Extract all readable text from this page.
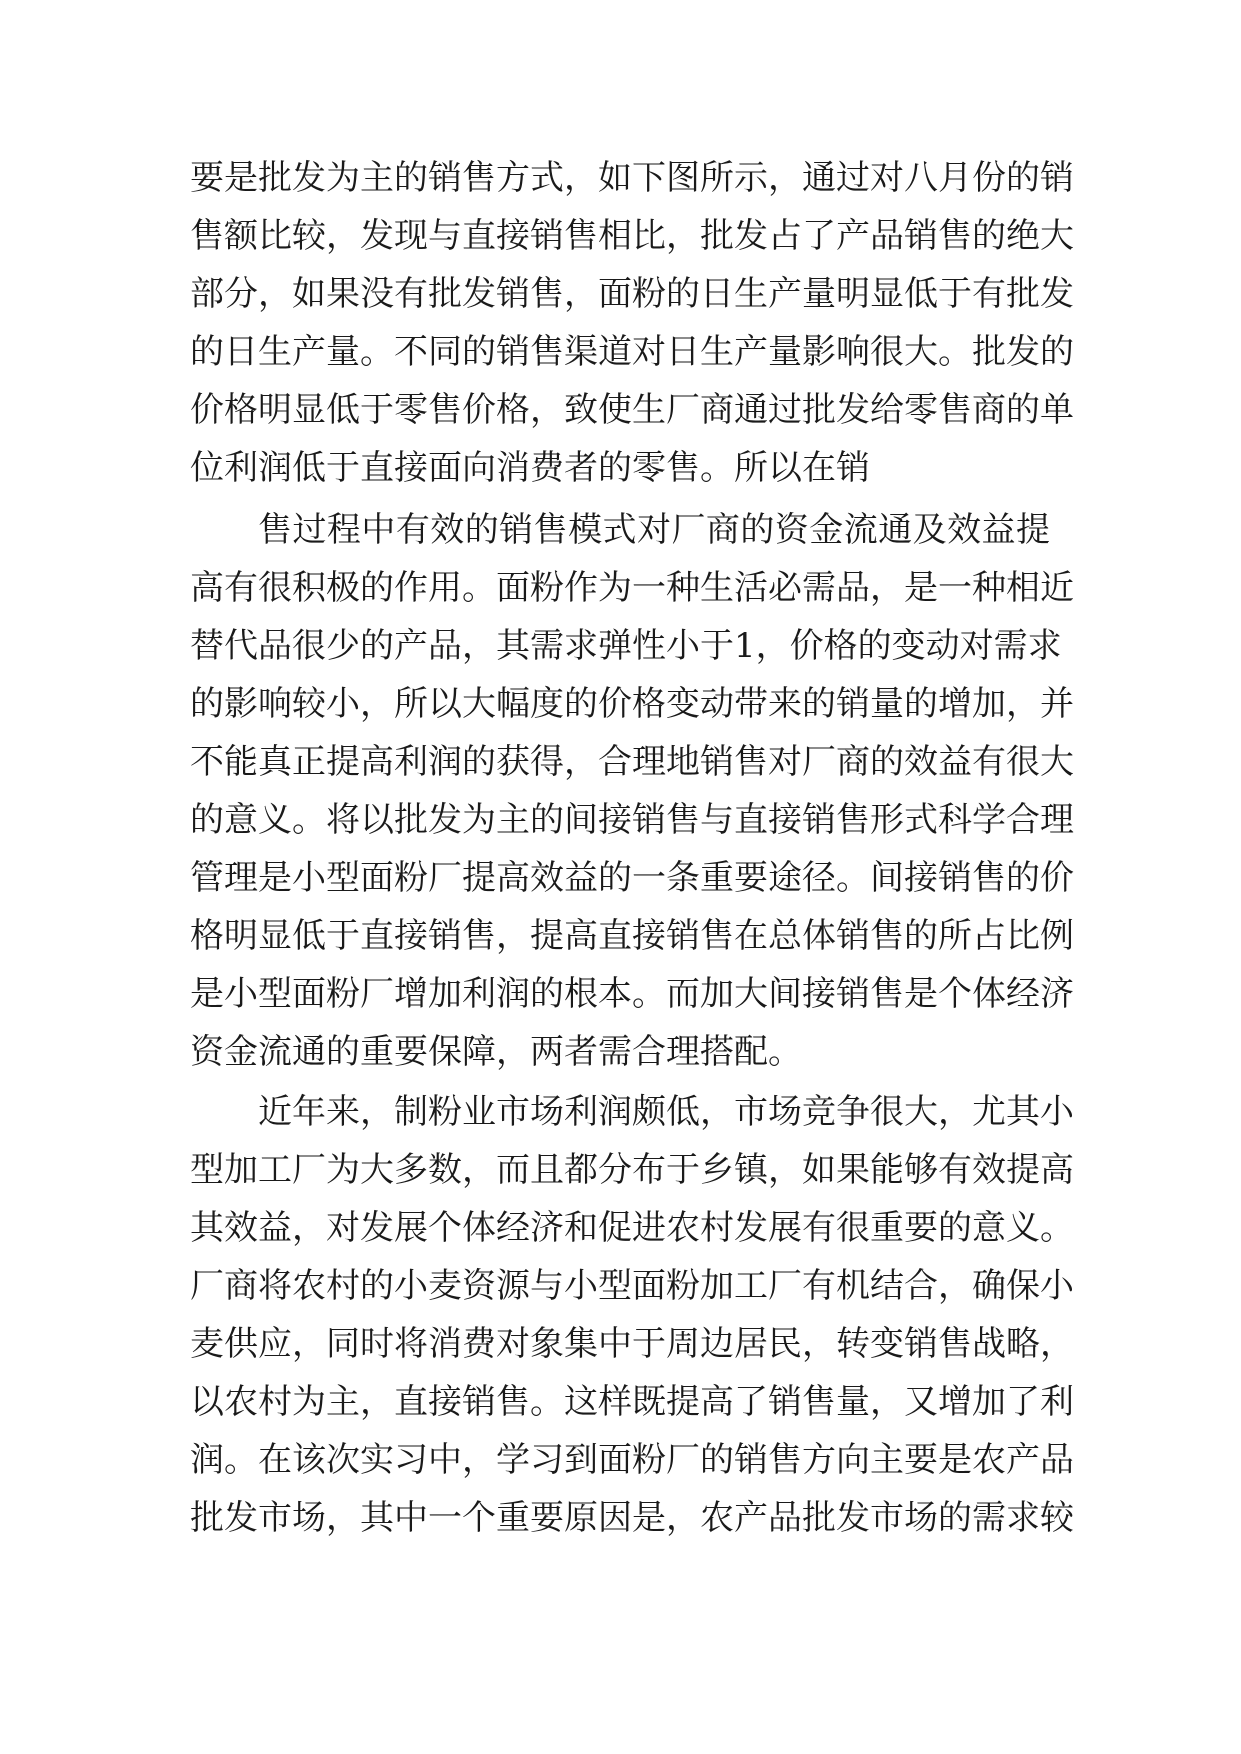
要是批发为主的销售方式，如下图所示，通过对八月份的销
售额比较，发现与直接销售相比，批发占了产品销售的绝大
部分，如果没有批发销售，面粉的日生产量明显低于有批发
的日生产量。不同的销售渠道对日生产量影响很大。批发的
价格明显低于零售价格，致使生厂商通过批发给零售商的单
位利润低于直接面向消费者的零售。所以在销
售过程中有效的销售模式对厂商的资金流通及效益提
高有很积极的作用。面粉作为一种生活必需品，是一种相近
替代品很少的产品，其需求弹性小于1，价格的变动对需求
的影响较小，所以大幅度的价格变动带来的销量的增加，并
不能真正提高利润的获得，合理地销售对厂商的效益有很大
的意义。将以批发为主的间接销售与直接销售形式科学合理
管理是小型面粉厂提高效益的一条重要途径。间接销售的价
格明显低于直接销售，提高直接销售在总体销售的所占比例
是小型面粉厂增加利润的根本。而加大间接销售是个体经济
资金流通的重要保障，两者需合理搭配。
近年来，制粉业市场利润颇低，市场竞争很大，尤其小
型加工厂为大多数，而且都分布于乡镇，如果能够有效提高
其效益，对发展个体经济和促进农村发展有很重要的意义。
厂商将农村的小麦资源与小型面粉加工厂有机结合，确保小
麦供应，同时将消费对象集中于周边居民，转变销售战略，
以农村为主，直接销售。这样既提高了销售量，又增加了利
润。在该次实习中，学习到面粉厂的销售方向主要是农产品
批发市场，其中一个重要原因是，农产品批发市场的需求较
